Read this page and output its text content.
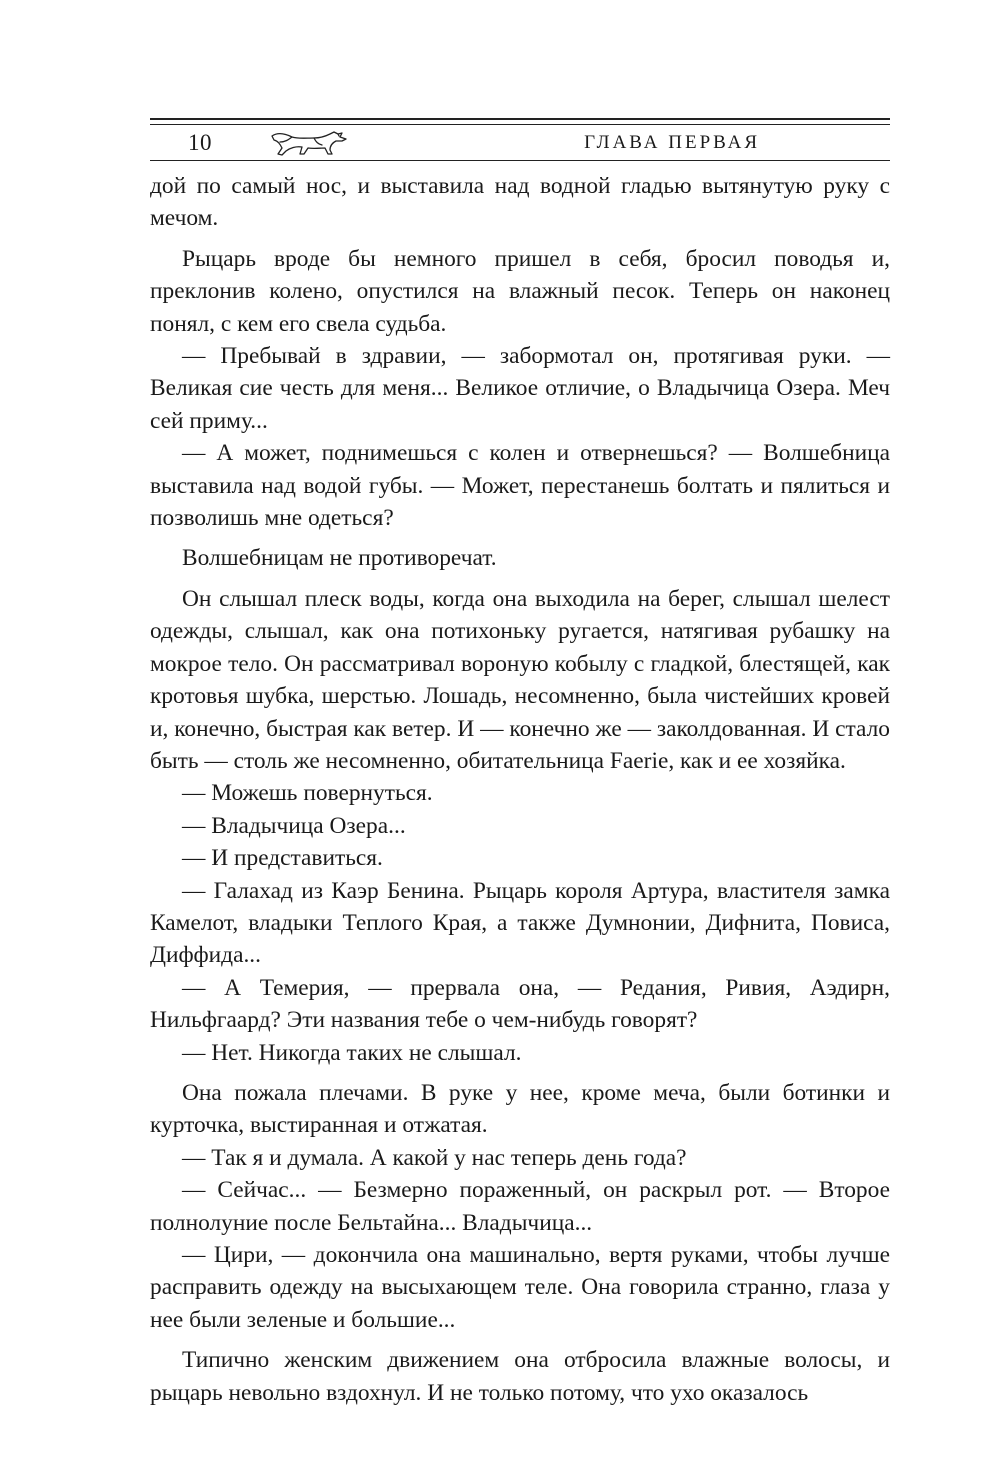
10	ГЛАВА ПЕРВАЯ

дой по самый нос, и выставила над водной гладью вытянутую руку с мечом.

Рыцарь вроде бы немного пришел в себя, бросил поводья и, преклонив колено, опустился на влажный песок. Теперь он наконец понял, с кем его свела судьба.

— Пребывай в здравии, — забормотал он, протягивая руки. — Великая сие честь для меня... Великое отличие, о Владычица Озера. Меч сей приму...

— А может, поднимешься с колен и отвернешься? — Волшебница выставила над водой губы. — Может, перестанешь болтать и пялиться и позволишь мне одеться?

Волшебницам не противоречат.

Он слышал плеск воды, когда она выходила на берег, слышал шелест одежды, слышал, как она потихоньку ругается, натягивая рубашку на мокрое тело. Он рассматривал вороную кобылу с гладкой, блестящей, как кротовья шубка, шерстью. Лошадь, несомненно, была чистейших кровей и, конечно, быстрая как ветер. И — конечно же — заколдованная. И стало быть — столь же несомненно, обитательница Faerie, как и ее хозяйка.

— Можешь повернуться.

— Владычица Озера...

— И представиться.

— Галахад из Каэр Бенина. Рыцарь короля Артура, властителя замка Камелот, владыки Теплого Края, а также Думнонии, Дифнита, Повиса, Диффида...

— А Темерия, — прервала она, — Редания, Ривия, Аэдирн, Нильфгаард? Эти названия тебе о чем-нибудь говорят?

— Нет. Никогда таких не слышал.

Она пожала плечами. В руке у нее, кроме меча, были ботинки и курточка, выстиранная и отжатая.

— Так я и думала. А какой у нас теперь день года?

— Сейчас... — Безмерно пораженный, он раскрыл рот. — Второе полнолуние после Бельтайна... Владычица...

— Цири, — докончила она машинально, вертя руками, чтобы лучше расправить одежду на высыхающем теле. Она говорила странно, глаза у нее были зеленые и большие...

Типично женским движением она отбросила влажные волосы, и рыцарь невольно вздохнул. И не только потому, что ухо оказалось
